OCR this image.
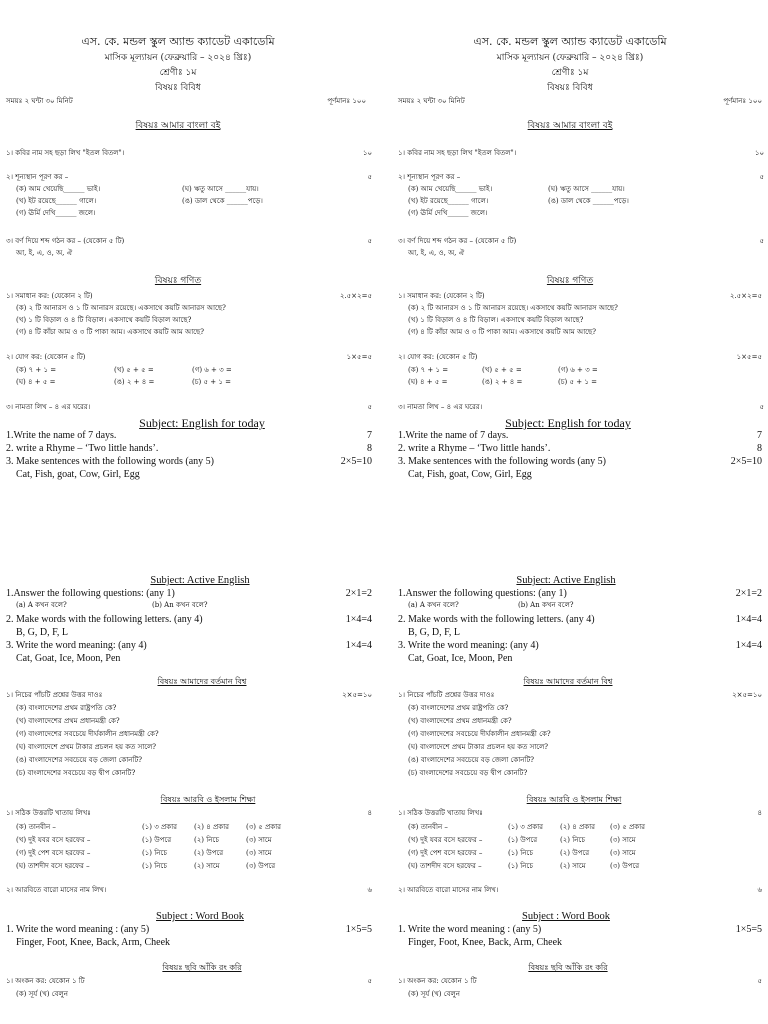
এস. কে. মন্ডল স্কুল অ্যান্ড ক্যাডেট একাডেমি
মাসিক মূল্যায়ন (ফেব্রুয়ারি – ২০২৪ খ্রিঃ)
শ্রেণীঃ ১ম
বিষয়ঃ বিবিধ
সময়ঃ ২ ঘন্টা ৩০ মিনিট	পূর্ণমানঃ ১০০
বিষয়ঃ আমার বাংলা বই
১। কবির নাম সহ ছড়া লিখ "ইতল বিতল"।	১০
২। শূন্যস্থান পূরণ কর –	৫
(ক) আম খেয়েছি______ ভাই।	(ঘ) ঋতু আসে ______যায়।
(খ) ইট রয়েছে______ গালে।	(ঙ) ডাল থেকে ______পড়ে।
(গ) ঊর্মি দেখি______ জলে।
৩। বর্ণ দিয়ে শব্দ গঠন কর – (যেকোন ৫ টি)	৫
আ, ই, এ, ও, অ, ঐ
বিষয়ঃ গণিত
১। সমাধান কর: (যেকোন ২ টি)	২.৫×২=৫
(ক) ২ টি আনারস ও ১ টি আনারস রয়েছে। একসাথে কয়টি আনারস আছে?
(খ) ১ টি বিড়াল ও ৪ টি বিড়াল। একসাথে কয়টি বিড়াল আছে?
(গ) ৪ টি কাঁচা আম ও ৩ টি পাকা আম। একসাথে কয়টি আম আছে?
২। যোগ কর: (যেকোন ৫ টি)	১×৫=৫
(ক) ৭ + ১ =	(খ) ৫ + ৫ =	(গ) ৬ + ৩ =
(ঘ) ৪ + ৫ =	(ঙ) ২ + ৪ =	(চ) ৫ + ১ =
৩। নামতা লিখ – ৪ এর ঘরের।	৫
Subject: English for today
1.Write the name of 7 days.	7
2. write a Rhyme – ‘Two little hands’.	8
3. Make sentences with the following words (any 5)	2×5=10
Cat, Fish, goat, Cow, Girl, Egg
Subject: Active English
1.Answer the following questions: (any 1)	2×1=2
(a) A কখন বলে?	(b) An কখন বলে?
2. Make words with the following letters. (any 4)	1×4=4
B, G, D, F, L
3. Write the word meaning: (any 4)	1×4=4
Cat, Goat, Ice, Moon, Pen
বিষয়ঃ আমাদের বর্তমান বিশ্ব
১। নিচের পাঁচটি প্রশ্নের উত্তর দাওঃ	২×৫=১০
(ক) বাংলাদেশের প্রথম রাষ্ট্রপতি কে?
(খ) বাংলাদেশের প্রথম প্রধানমন্ত্রী কে?
(গ) বাংলাদেশের সবচেয়ে দীর্ঘকালীন প্রধানমন্ত্রী কে?
(ঘ) বাংলাদেশে প্রথম টাকার প্রচলন হয় কত সালে?
(ঙ) বাংলাদেশের সবচেয়ে বড় জেলা কোনটি?
(চ) বাংলাদেশের সবচেয়ে বড় দ্বীপ কোনটি?
বিষয়ঃ আরবি ও ইসলাম শিক্ষা
১। সঠিক উত্তরটি খাতায় লিখঃ	৪
(ক) তানবীন –	(১) ৩ প্রকার (২) ৪ প্রকার (৩) ৫ প্রকার
(খ) দুই যবর বসে হরফের –	(১) উপরে	(২) নিচে	(৩) সামে
(গ) দুই পেশ বসে হরফের –	(১) নিচে	(২) উপরে	(৩) সামে
(ঘ) তাশদীদ বসে হরফের –	(১) নিচে	(২) সামে	(৩) উপরে
২। আরবিতে বারো মাসের নাম লিখ।	৬
Subject : Word Book
1. Write the word meaning : (any 5)	1×5=5
Finger, Foot, Knee, Back, Arm, Cheek
বিষয়ঃ ছবি আঁকি রং করি
১। অংকন কর: যেকোন ১ টি	৫
(ক) সূর্য (খ) বেলুন
এস. কে. মন্ডল স্কুল অ্যান্ড ক্যাডেট একাডেমি
মাসিক মূল্যায়ন (ফেব্রুয়ারি – ২০২৪ খ্রিঃ)
শ্রেণীঃ ১ম
বিষয়ঃ বিবিধ
সময়ঃ ২ ঘন্টা ৩০ মিনিট	পূর্ণমানঃ ১০০
বিষয়ঃ আমার বাংলা বই
১। কবির নাম সহ ছড়া লিখ "ইতল বিতল"।	১০
২। শূন্যস্থান পূরণ কর –	৫
(ক) আম খেয়েছি______ ভাই।	(ঘ) ঋতু আসে ______যায়।
(খ) ইট রয়েছে______ গালে।	(ঙ) ডাল থেকে ______পড়ে।
(গ) ঊর্মি দেখি______ জলে।
৩। বর্ণ দিয়ে শব্দ গঠন কর – (যেকোন ৫ টি)	৫
আ, ই, এ, ও, অ, ঐ
বিষয়ঃ গণিত
১। সমাধান কর: (যেকোন ২ টি)	২.৫×২=৫
(ক) ২ টি আনারস ও ১ টি আনারস রয়েছে। একসাথে কয়টি আনারস আছে?
(খ) ১ টি বিড়াল ও ৪ টি বিড়াল। একসাথে কয়টি বিড়াল আছে?
(গ) ৪ টি কাঁচা আম ও ৩ টি পাকা আম। একসাথে কয়টি আম আছে?
২। যোগ কর: (যেকোন ৫ টি)	১×৫=৫
(ক) ৭ + ১ =	(খ) ৫ + ৫ =	(গ) ৬ + ৩ =
(ঘ) ৪ + ৫ =	(ঙ) ২ + ৪ =	(চ) ৫ + ১ =
৩। নামতা লিখ – ৪ এর ঘরের।	৫
Subject: English for today
1.Write the name of 7 days.	7
2. write a Rhyme – ‘Two little hands’.	8
3. Make sentences with the following words (any 5)	2×5=10
Cat, Fish, goat, Cow, Girl, Egg
Subject: Active English
1.Answer the following questions: (any 1)	2×1=2
(a) A কখন বলে?	(b) An কখন বলে?
2. Make words with the following letters. (any 4)	1×4=4
B, G, D, F, L
3. Write the word meaning: (any 4)	1×4=4
Cat, Goat, Ice, Moon, Pen
বিষয়ঃ আমাদের বর্তমান বিশ্ব
১। নিচের পাঁচটি প্রশ্নের উত্তর দাওঃ	২×৫=১০
(ক) বাংলাদেশের প্রথম রাষ্ট্রপতি কে?
(খ) বাংলাদেশের প্রথম প্রধানমন্ত্রী কে?
(গ) বাংলাদেশের সবচেয়ে দীর্ঘকালীন প্রধানমন্ত্রী কে?
(ঘ) বাংলাদেশে প্রথম টাকার প্রচলন হয় কত সালে?
(ঙ) বাংলাদেশের সবচেয়ে বড় জেলা কোনটি?
(চ) বাংলাদেশের সবচেয়ে বড় দ্বীপ কোনটি?
বিষয়ঃ আরবি ও ইসলাম শিক্ষা
১। সঠিক উত্তরটি খাতায় লিখঃ	৪
(ক) তানবীন –	(১) ৩ প্রকার (২) ৪ প্রকার (৩) ৫ প্রকার
(খ) দুই যবর বসে হরফের –	(১) উপরে	(২) নিচে	(৩) সামে
(গ) দুই পেশ বসে হরফের –	(১) নিচে	(২) উপরে	(৩) সামে
(ঘ) তাশদীদ বসে হরফের –	(১) নিচে	(২) সামে	(৩) উপরে
২। আরবিতে বারো মাসের নাম লিখ।	৬
Subject : Word Book
1. Write the word meaning : (any 5)	1×5=5
Finger, Foot, Knee, Back, Arm, Cheek
বিষয়ঃ ছবি আঁকি রং করি
১। অংকন কর: যেকোন ১ টি	৫
(ক) সূর্য (খ) বেলুন
